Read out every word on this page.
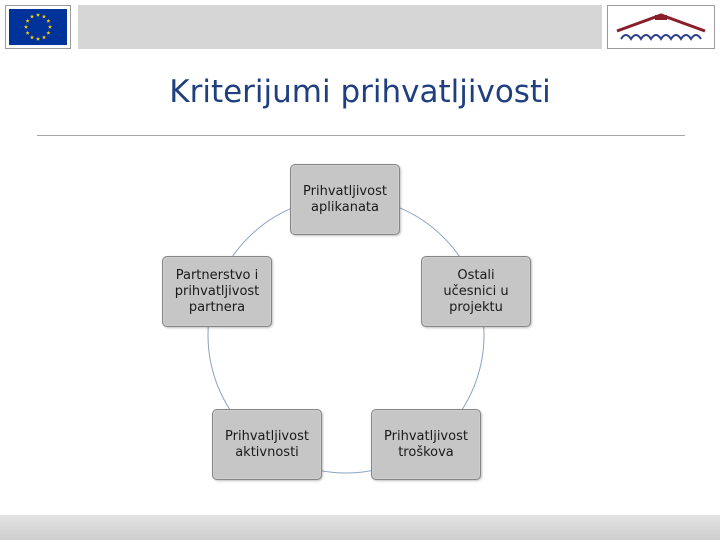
Kriterijumi prihvatljivosti
Prihvatljivost
aplikanata
Ostali
učesnici u
projektu
Prihvatljivost
troškova
Prihvatljivost
aktivnosti
Partnerstvo i
prihvatljivost
partnera
